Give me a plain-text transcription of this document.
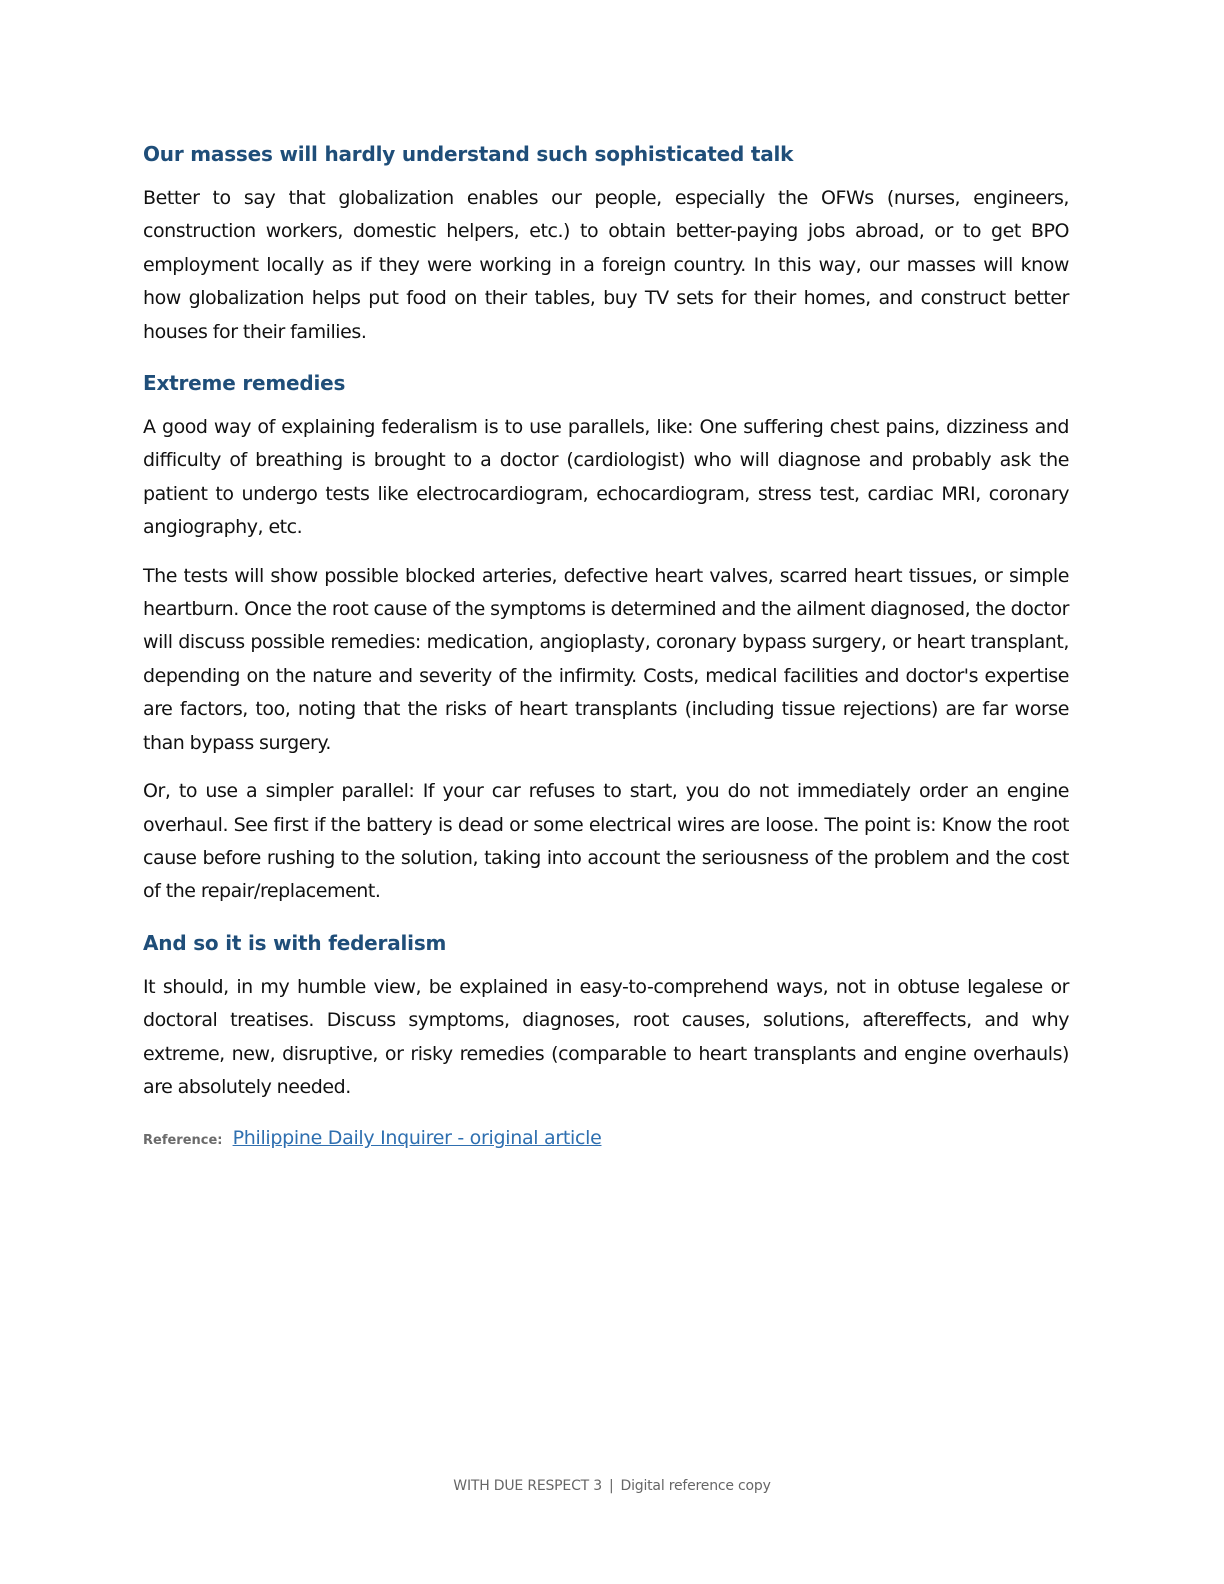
Our masses will hardly understand such sophisticated talk

Better to say that globalization enables our people, especially the OFWs (nurses, engineers, construction workers, domestic helpers, etc.) to obtain better-paying jobs abroad, or to get BPO employment locally as if they were working in a foreign country. In this way, our masses will know how globalization helps put food on their tables, buy TV sets for their homes, and construct better houses for their families.

Extreme remedies

A good way of explaining federalism is to use parallels, like: One suffering chest pains, dizziness and difficulty of breathing is brought to a doctor (cardiologist) who will diagnose and probably ask the patient to undergo tests like electrocardiogram, echocardiogram, stress test, cardiac MRI, coronary angiography, etc.

The tests will show possible blocked arteries, defective heart valves, scarred heart tissues, or simple heartburn. Once the root cause of the symptoms is determined and the ailment diagnosed, the doctor will discuss possible remedies: medication, angioplasty, coronary bypass surgery, or heart transplant, depending on the nature and severity of the infirmity. Costs, medical facilities and doctor's expertise are factors, too, noting that the risks of heart transplants (including tissue rejections) are far worse than bypass surgery.

Or, to use a simpler parallel: If your car refuses to start, you do not immediately order an engine overhaul. See first if the battery is dead or some electrical wires are loose. The point is: Know the root cause before rushing to the solution, taking into account the seriousness of the problem and the cost of the repair/replacement.

And so it is with federalism

It should, in my humble view, be explained in easy-to-comprehend ways, not in obtuse legalese or doctoral treatises. Discuss symptoms, diagnoses, root causes, solutions, aftereffects, and why extreme, new, disruptive, or risky remedies (comparable to heart transplants and engine overhauls) are absolutely needed.

Reference: Philippine Daily Inquirer - original article
WITH DUE RESPECT 3 | Digital reference copy
